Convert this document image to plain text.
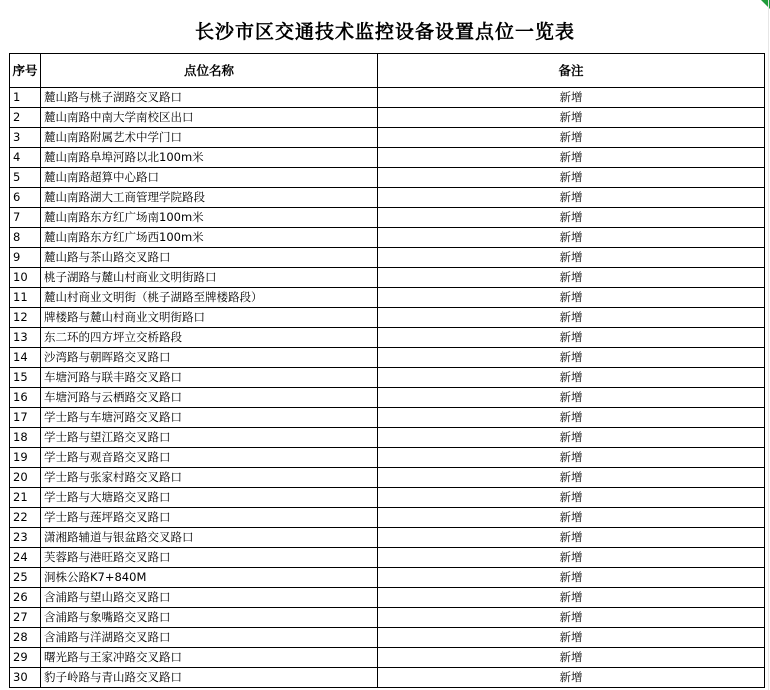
长沙市区交通技术监控设备设置点位一览表
序号	点位名称	备注
1	麓山路与桃子湖路交叉路口	新增
2	麓山南路中南大学南校区出口	新增
3	麓山南路附属艺术中学门口	新增
4	麓山南路阜埠河路以北100m米	新增
5	麓山南路超算中心路口	新增
6	麓山南路湖大工商管理学院路段	新增
7	麓山南路东方红广场南100m米	新增
8	麓山南路东方红广场西100m米	新增
9	麓山路与茶山路交叉路口	新增
10	桃子湖路与麓山村商业文明街路口	新增
11	麓山村商业文明街（桃子湖路至牌楼路段）	新增
12	牌楼路与麓山村商业文明街路口	新增
13	东二环的四方坪立交桥路段	新增
14	沙湾路与朝晖路交叉路口	新增
15	车塘河路与联丰路交叉路口	新增
16	车塘河路与云栖路交叉路口	新增
17	学士路与车塘河路交叉路口	新增
18	学士路与望江路交叉路口	新增
19	学士路与观音路交叉路口	新增
20	学士路与张家村路交叉路口	新增
21	学士路与大塘路交叉路口	新增
22	学士路与莲坪路交叉路口	新增
23	潇湘路辅道与银盆路交叉路口	新增
24	芙蓉路与港旺路交叉路口	新增
25	洞株公路K7+840M	新增
26	含浦路与望山路交叉路口	新增
27	含浦路与象嘴路交叉路口	新增
28	含浦路与洋湖路交叉路口	新增
29	曙光路与王家冲路交叉路口	新增
30	豹子岭路与青山路交叉路口	新增
